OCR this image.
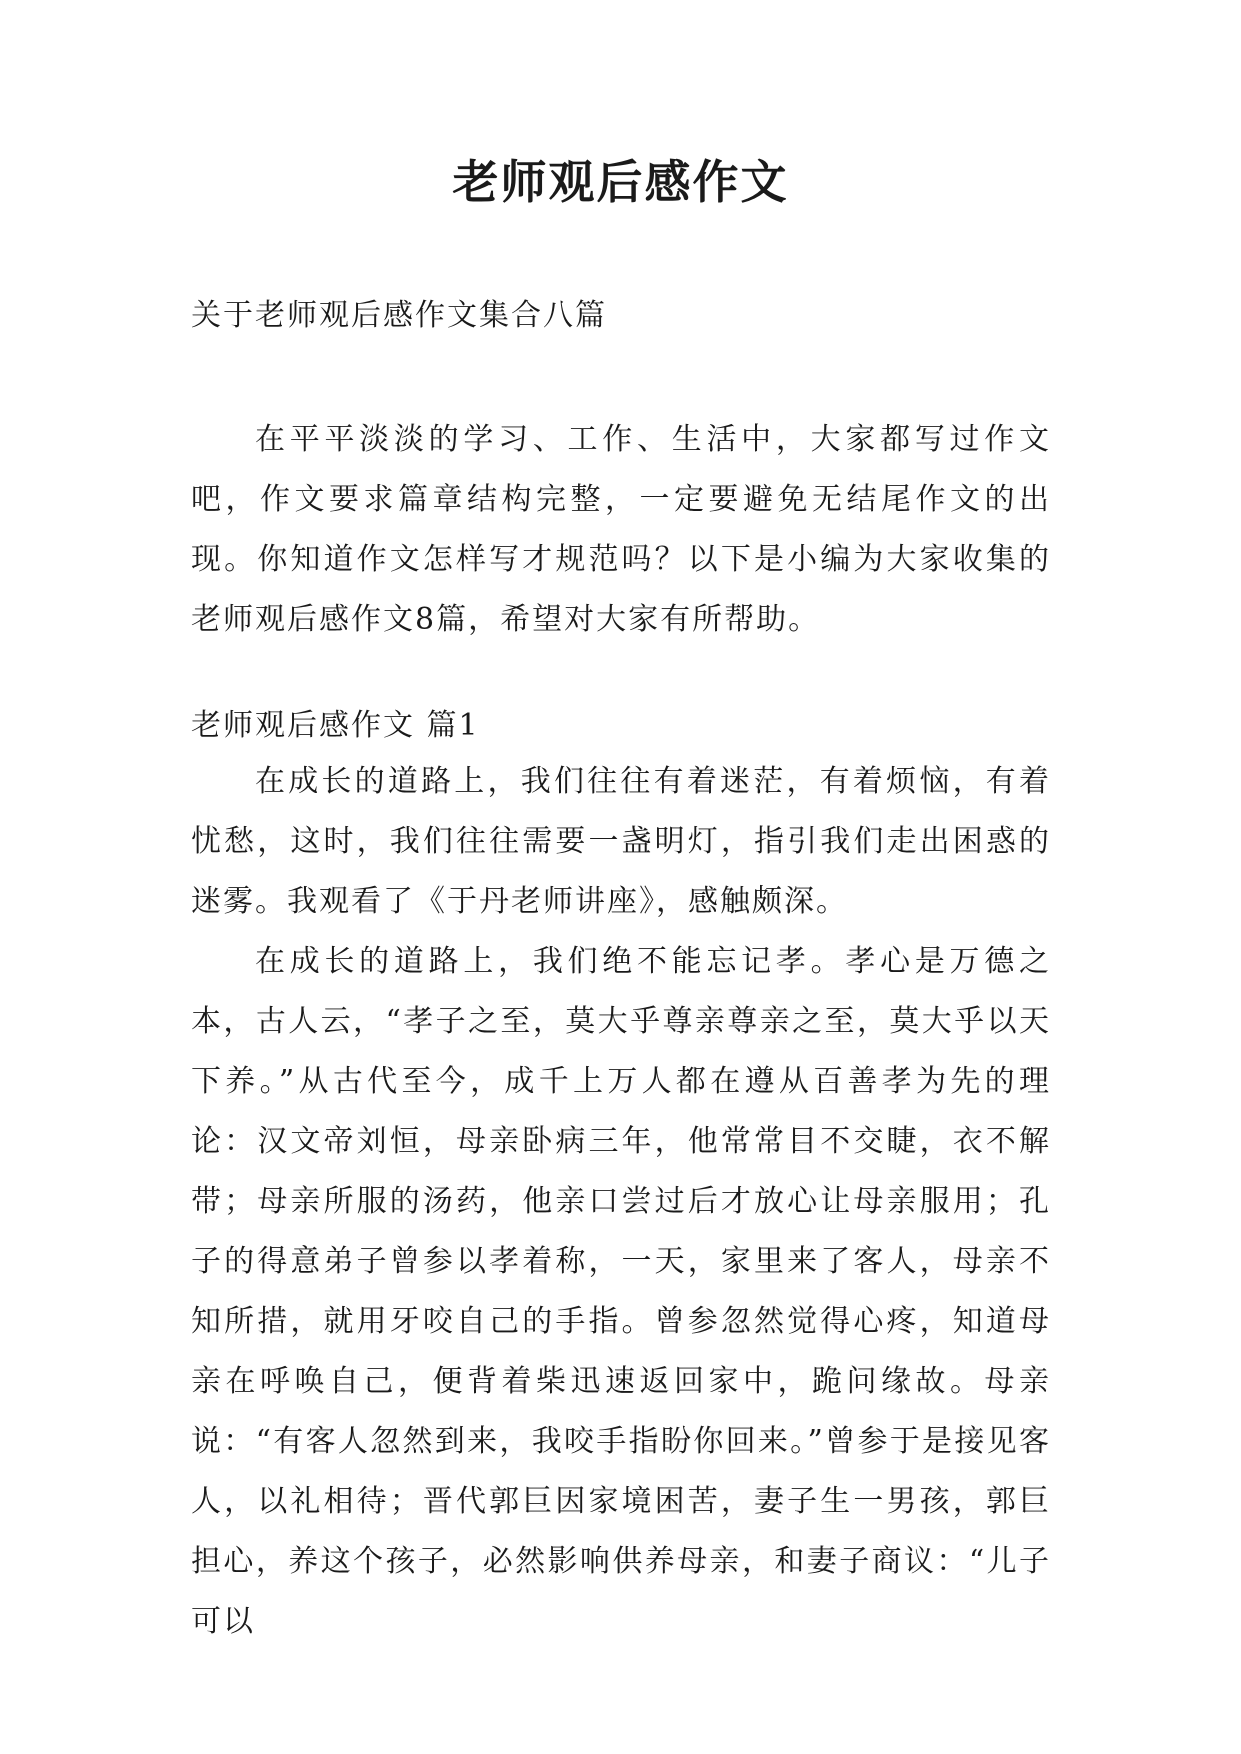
老师观后感作文
关于老师观后感作文集合八篇

在平平淡淡的学习、工作、生活中，大家都写过作文吧，作文要求篇章结构完整，一定要避免无结尾作文的出现。你知道作文怎样写才规范吗？以下是小编为大家收集的老师观后感作文8篇，希望对大家有所帮助。

老师观后感作文 篇1

在成长的道路上，我们往往有着迷茫，有着烦恼，有着忧愁，这时，我们往往需要一盏明灯，指引我们走出困惑的迷雾。我观看了《于丹老师讲座》，感触颇深。

在成长的道路上，我们绝不能忘记孝。孝心是万德之本，古人云，“孝子之至，莫大乎尊亲尊亲之至，莫大乎以天下养。”从古代至今，成千上万人都在遵从百善孝为先的理论：汉文帝刘恒，母亲卧病三年，他常常目不交睫，衣不解带；母亲所服的汤药，他亲口尝过后才放心让母亲服用；孔子的得意弟子曾参以孝着称，一天，家里来了客人，母亲不知所措，就用牙咬自己的手指。曾参忽然觉得心疼，知道母亲在呼唤自己，便背着柴迅速返回家中，跪问缘故。母亲说：“有客人忽然到来，我咬手指盼你回来。”曾参于是接见客人，以礼相待；晋代郭巨因家境困苦，妻子生一男孩，郭巨担心，养这个孩子，必然影响供养母亲，和妻子商议：“儿子可以
